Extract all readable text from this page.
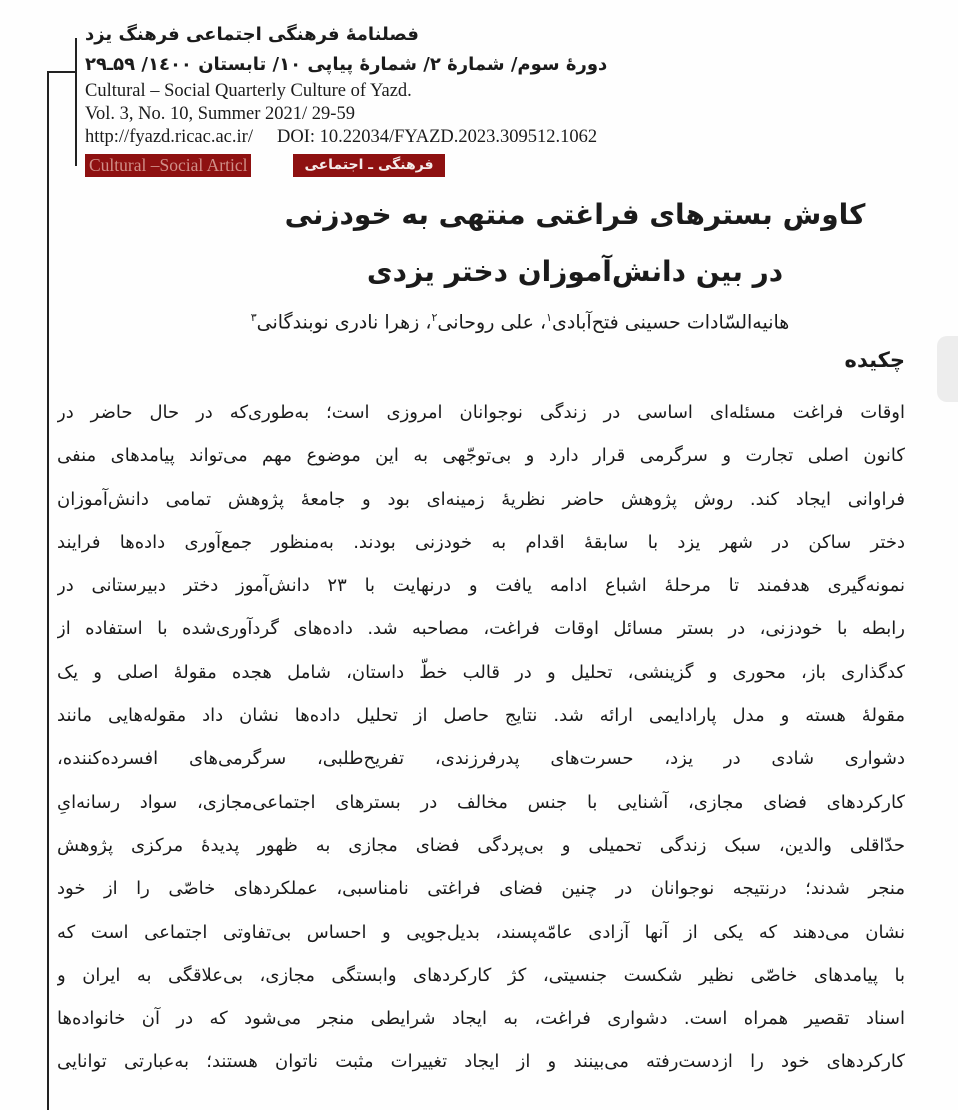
فصلنامهٔ فرهنگی اجتماعی فرهنگ یزد
دورهٔ سوم/ شمارهٔ ۲/ شمارهٔ پیاپی ۱۰/ تابستان ۱٤۰۰/ ۵۹ـ۲۹
Cultural – Social Quarterly Culture of Yazd.
Vol. 3, No. 10, Summer 2021/ 29-59
http://fyazd.ricac.ac.ir/ DOI: 10.22034/FYAZD.2023.309512.1062
Cultural –Social Articl	فرهنگی ـ اجتماعی
کاوش بسترهای فراغتی منتهی به خودزنی
در بین دانش‌آموزان دختر یزدی
هانیه‌السّادات حسینی فتح‌آبادی$^۱$، علی روحانی$^۲$، زهرا نادری نوبندگانی$^۳$
چکیده
اوقات فراغت مسئله‌ای اساسی در زندگی نوجوانان امروزی است؛ به‌طوری‌که در حال حاضر در
کانون اصلی تجارت و سرگرمی قرار دارد و بی‌توجّهی به این موضوع مهم می‌تواند پیامدهای منفی
فراوانی ایجاد کند. روش پژوهش حاضر نظریهٔ زمینه‌ای بود و جامعهٔ پژوهش تمامی دانش‌آموزان
دختر ساکن در شهر یزد با سابقهٔ اقدام به خودزنی بودند. به‌منظور جمع‌آوری داده‌ها فرایند
نمونه‌گیری هدفمند تا مرحلهٔ اشباع ادامه یافت و درنهایت با ۲۳ دانش‌آموز دختر دبیرستانی در
رابطه با خودزنی، در بستر مسائل اوقات فراغت، مصاحبه شد. داده‌های گردآوری‌شده با استفاده از
کدگذاری باز، محوری و گزینشی، تحلیل و در قالب خطّ داستان، شامل هجده مقولهٔ اصلی و یک
مقولهٔ هسته و مدل پارادایمی ارائه شد. نتایج حاصل از تحلیل داده‌ها نشان داد مقوله‌هایی مانند
دشواری شادی در یزد، حسرت‌های پدرفرزندی، تفریح‌طلبی، سرگرمی‌های افسرده‌کننده،
کارکردهای فضای مجازی، آشنایی با جنس مخالف در بسترهای اجتماعی‌مجازی، سواد رسانه‌ایِ
حدّاقلی والدین، سبک زندگی تحمیلی و بی‌پردگی فضای مجازی به ظهور پدیدهٔ مرکزی پژوهش
منجر شدند؛ درنتیجه نوجوانان در چنین فضای فراغتی نامناسبی، عملکردهای خاصّی را از خود
نشان می‌دهند که یکی از آنها آزادی عامّه‌پسند، بدیل‌جویی و احساس بی‌تفاوتی اجتماعی است که
با پیامدهای خاصّی نظیر شکست جنسیتی، کژ کارکردهای وابستگی مجازی، بی‌علاقگی به ایران و
اسناد تقصیر همراه است. دشواری فراغت، به ایجاد شرایطی منجر می‌شود که در آن خانواده‌ها
کارکردهای خود را ازدست‌رفته می‌بینند و از ایجاد تغییرات مثبت ناتوان هستند؛ به‌عبارتی توانایی
